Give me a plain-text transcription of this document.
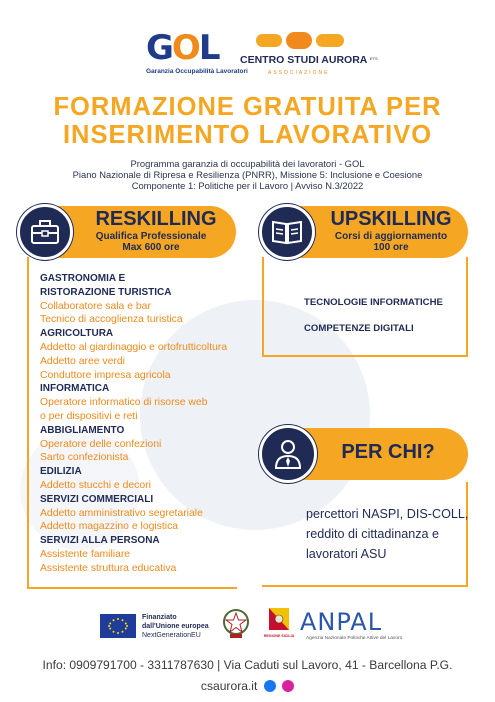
GOL
Garanzia Occupabilità Lavoratori
CENTRO STUDI AURORA $^{ETS}$
ASSOCIAZIONE
FORMAZIONE GRATUITA PER
INSERIMENTO LAVORATIVO
Programma garanzia di occupabilità dei lavoratori - GOL
Piano Nazionale di Ripresa e Resilienza (PNRR), Missione 5: Inclusione e Coesione
Componente 1: Politiche per il Lavoro | Avviso N.3/2022
RESKILLING
Qualifica Professionale
Max 600 ore
UPSKILLING
Corsi di aggiornamento
100 ore
GASTRONOMIA E
RISTORAZIONE TURISTICA
Collaboratore sala e bar
Tecnico di accoglienza turistica
AGRICOLTURA
Addetto al giardinaggio e ortofrutticoltura
Addetto aree verdi
Conduttore impresa agricola
INFORMATICA
Operatore informatico di risorse web
o per dispositivi e reti
ABBIGLIAMENTO
Operatore delle confezioni
Sarto confezionista
EDILIZIA
Addetto stucchi e decori
SERVIZI COMMERCIALI
Addetto amministrativo segretariale
Addetto magazzino e logistica
SERVIZI ALLA PERSONA
Assistente familiare
Assistente struttura educativa
TECNOLOGIE INFORMATICHE
COMPETENZE DIGITALI
PER CHI?
percettori NASPI, DIS-COLL,
reddito di cittadinanza e
lavoratori ASU
Finanziato
dall'Unione europea
NextGenerationEU	REGIONE SICILIA ANPAL
Agenzia Nazionale Politiche Attive del Lavoro
Info: 0909791700 - 3311787630 | Via Caduti sul Lavoro, 41 - Barcellona P.G.
csaurora.it
